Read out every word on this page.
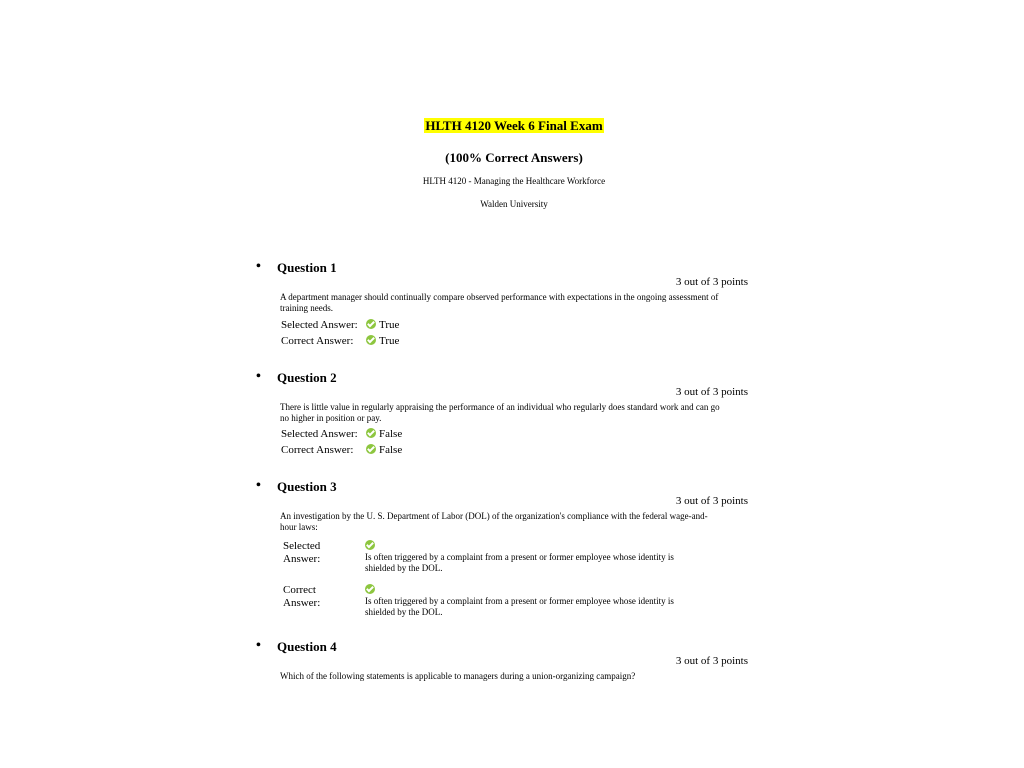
HLTH 4120 Week 6 Final Exam
(100% Correct Answers)
HLTH 4120 - Managing the Healthcare Workforce
Walden University
• Question 1
3 out of 3 points
A department manager should continually compare observed performance with expectations in the ongoing assessment of training needs.
Selected Answer: True
Correct Answer: True
• Question 2
3 out of 3 points
There is little value in regularly appraising the performance of an individual who regularly does standard work and can go no higher in position or pay.
Selected Answer: False
Correct Answer: False
• Question 3
3 out of 3 points
An investigation by the U. S. Department of Labor (DOL) of the organization's compliance with the federal wage-and-hour laws:
Selected
Answer:	Is often triggered by a complaint from a present or former employee whose identity is shielded by the DOL.
Correct
Answer:	Is often triggered by a complaint from a present or former employee whose identity is shielded by the DOL.
• Question 4
3 out of 3 points
Which of the following statements is applicable to managers during a union-organizing campaign?
